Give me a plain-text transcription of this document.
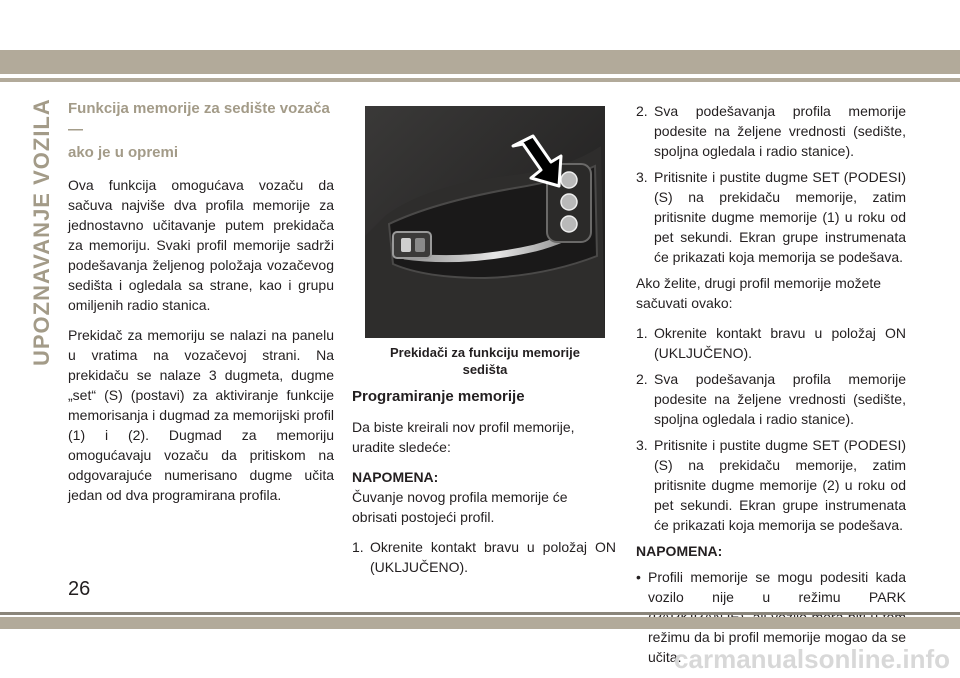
UPOZNAVANJE VOZILA Funkcija memorije za sedište vozača —
ako je u opremi

Ova funkcija omogućava vozaču da sačuva najviše dva profila memorije za jednostavno učitavanje putem prekidača za memoriju. Svaki profil memorije sadrži podešavanja željenog položaja vozačevog sedišta i ogledala sa strane, kao i grupu omiljenih radio stanica.

Prekidač za memoriju se nalazi na panelu u vratima na vozačevoj strani. Na prekidaču se nalaze 3 dugmeta, dugme „set“ (S) (postavi) za aktiviranje funkcije memorisanja i dugmad za memorijski profil (1) i (2). Dugmad za memoriju omogućavaju vozaču da pritiskom na odgovarajuće numerisano dugme učita jedan od dva programirana profila.

Prekidači za funkciju memorije
sedišta
Programiranje memorije

Da biste kreirali nov profil memorije, uradite sledeće:

NAPOMENA:

Čuvanje novog profila memorije će obrisati postojeći profil.

1. Okrenite kontakt bravu u položaj ON (UKLJUČENO).
2. Sva podešavanja profila memorije podesite na željene vrednosti (sedište, spoljna ogledala i radio stanice).
3. Pritisnite i pustite dugme SET (PODESI) (S) na prekidaču memorije, zatim pritisnite dugme memorije (1) u roku od pet sekundi. Ekran grupe instrumenata će prikazati koja memorija se podešava.

Ako želite, drugi profil memorije možete sačuvati ovako:

1. Okrenite kontakt bravu u položaj ON (UKLJUČENO).
2. Sva podešavanja profila memorije podesite na željene vrednosti (sedište, spoljna ogledala i radio stanice).
3. Pritisnite i pustite dugme SET (PODESI) (S) na prekidaču memorije, zatim pritisnite dugme memorije (2) u roku od pet sekundi. Ekran grupe instrumenata će prikazati koja memorija se podešava.
NAPOMENA:
• Profili memorije se mogu podesiti kada vozilo nije u režimu PARK režimu da bi profil memorije mogao da se učita.
26
carmanualsonline.info
